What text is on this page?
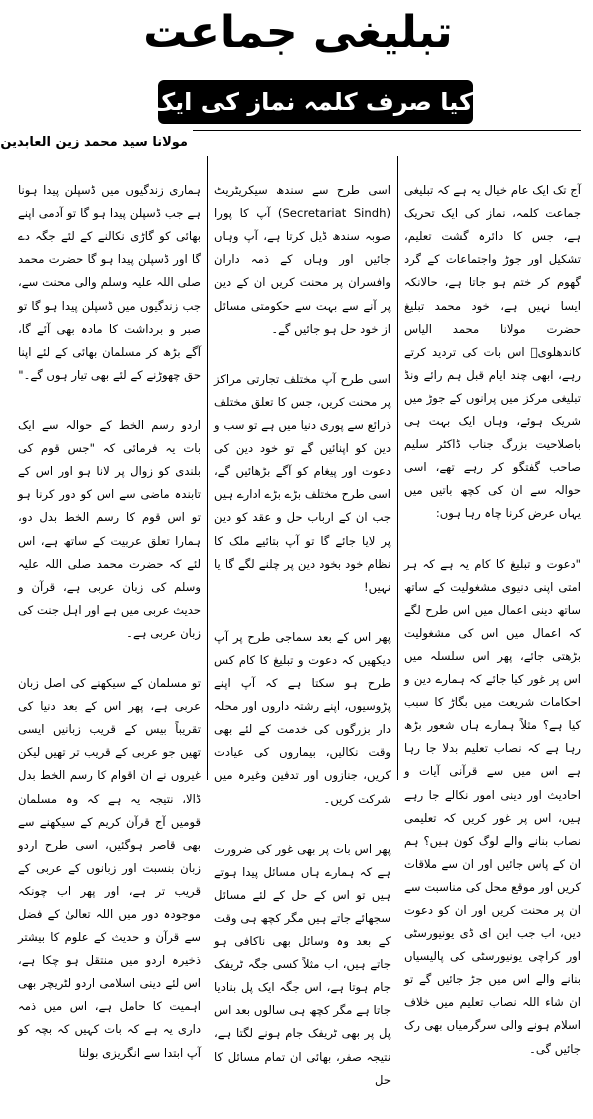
تبلیغی جماعت
کیا صرف کلمہ نماز کی ایک تحریک ہے؟
مولانا سید محمد زین العابدین

آج تک ایک عام خیال یہ ہے کہ تبلیغی جماعت کلمہ، نماز کی ایک تحریک ہے، جس کا دائرہ گشت تعلیم، تشکیل اور جوڑ واجتماعات کے گرد گھوم کر ختم ہو جاتا ہے، حالانکہ ایسا نہیں ہے، خود محمد تبلیغ حضرت مولانا محمد الیاس کاندھلویؒ اس بات کی تردید کرتے رہے، ابھی چند ایام قبل ہم رائے ونڈ تبلیغی مرکز میں پرانوں کے جوڑ میں شریک ہوئے، وہاں ایک بہت ہی باصلاحیت بزرگ جناب ڈاکٹر سلیم صاحب گفتگو کر رہے تھے، اسی حوالہ سے ان کی کچھ باتیں میں یہاں عرض کرنا چاہ رہا ہوں:

"دعوت و تبلیغ کا کام یہ ہے کہ ہر امتی اپنی دنیوی مشغولیت کے ساتھ ساتھ دینی اعمال میں اس طرح لگے کہ اعمال میں اس کی مشغولیت بڑھتی جائے، پھر اس سلسلہ میں اس پر غور کیا جائے کہ ہمارے دین و احکامات شریعت میں بگاڑ کا سبب کیا ہے؟ مثلاً ہمارے ہاں شعور بڑھ رہا ہے کہ نصاب تعلیم بدلا جا رہا ہے اس میں سے قرآنی آیات و احادیث اور دینی امور نکالے جا رہے ہیں، اس پر غور کریں کہ تعلیمی نصاب بنانے والے لوگ کون ہیں؟ ہم ان کے پاس جائیں اور ان سے ملاقات کریں اور موقع محل کی مناسبت سے ان پر محنت کریں اور ان کو دعوت دیں، اب جب این ای ڈی یونیورسٹی اور کراچی یونیورسٹی کی پالیسیاں بنانے والے اس میں جڑ جائیں گے تو ان شاء اللہ نصاب تعلیم میں خلاف اسلام ہونے والی سرگرمیاں بھی رک جائیں گی۔

اسی طرح سے سندھ سیکریٹریٹ (Secretariat Sindh) آپ کا پورا صوبہ سندھ ڈیل کرتا ہے، آپ وہاں جائیں اور وہاں کے ذمہ داران وافسران پر محنت کریں ان کے دین پر آنے سے بہت سے حکومتی مسائل از خود حل ہو جائیں گے۔

اسی طرح آپ مختلف تجارتی مراکز پر محنت کریں، جس کا تعلق مختلف ذرائع سے پوری دنیا میں ہے تو سب و دین کو اپنائیں گے تو خود دین کی دعوت اور پیغام کو آگے بڑھائیں گے، اسی طرح مختلف بڑے بڑے ادارے ہیں جب ان کے ارباب حل و عقد کو دین پر لایا جائے گا تو آپ بتائیے ملک کا نظام خود بخود دین پر چلنے لگے گا یا نہیں!

پھر اس کے بعد سماجی طرح پر آپ دیکھیں کہ دعوت و تبلیغ کا کام کس طرح ہو سکتا ہے کہ آپ اپنے پڑوسیوں، اپنے رشتہ داروں اور محلہ دار بزرگوں کی خدمت کے لئے بھی وقت نکالیں، بیماروں کی عیادت کریں، جنازوں اور تدفین وغیرہ میں شرکت کریں۔

پھر اس بات پر بھی غور کی ضرورت ہے کہ ہمارے ہاں مسائل پیدا ہوتے ہیں تو اس کے حل کے لئے مسائل سجھائے جاتے ہیں مگر کچھ ہی وقت کے بعد وہ وسائل بھی ناکافی ہو جاتے ہیں، اب مثلاً کسی جگہ ٹریفک جام ہوتا ہے، اس جگہ ایک پل بنادیا جاتا ہے مگر کچھ ہی سالوں بعد اس پل پر بھی ٹریفک جام ہونے لگتا ہے، نتیجہ صفر، بھائی ان تمام مسائل کا حل

ہماری زندگیوں میں ڈسپلن پیدا ہونا ہے جب ڈسپلن پیدا ہو گا تو آدمی اپنے بھائی کو گاڑی نکالنے کے لئے جگہ دے گا اور ڈسپلن پیدا ہو گا حضرت محمد صلی اللہ علیہ وسلم والی محنت سے، جب زندگیوں میں ڈسپلن پیدا ہو گا تو صبر و برداشت کا مادہ بھی آئے گا، آگے بڑھ کر مسلمان بھائی کے لئے اپنا حق چھوڑنے کے لئے بھی تیار ہوں گے۔"

اردو رسم الخط کے حوالہ سے ایک بات یہ فرمائی کہ "جس قوم کی بلندی کو زوال پر لانا ہو اور اس کے تابندہ ماضی سے اس کو دور کرنا ہو تو اس قوم کا رسم الخط بدل دو، ہمارا تعلق عربیت کے ساتھ ہے، اس لئے کہ حضرت محمد صلی اللہ علیہ وسلم کی زبان عربی ہے، قرآن و حدیث عربی میں ہے اور اہل جنت کی زبان عربی ہے۔

تو مسلمان کے سیکھنے کی اصل زبان عربی ہے، پھر اس کے بعد دنیا کی تقریباً بیس کے قریب زبانیں ایسی تھیں جو عربی کے قریب تر تھیں لیکن غیروں نے ان اقوام کا رسم الخط بدل ڈالا، نتیجہ یہ ہے کہ وہ مسلمان قومیں آج قرآن کریم کے سیکھنے سے بھی قاصر ہوگئیں، اسی طرح اردو زبان بنسبت اور زبانوں کے عربی کے قریب تر ہے، اور پھر اب چونکہ موجودہ دور میں اللہ تعالیٰ کے فضل سے قرآن و حدیث کے علوم کا بیشتر ذخیرہ اردو میں منتقل ہو چکا ہے، اس لئے دینی اسلامی اردو لٹریچر بھی اہمیت کا حامل ہے، اس میں ذمہ داری یہ ہے کہ بات کہیں کہ بچہ کو آپ ابتدا سے انگریزی بولنا
